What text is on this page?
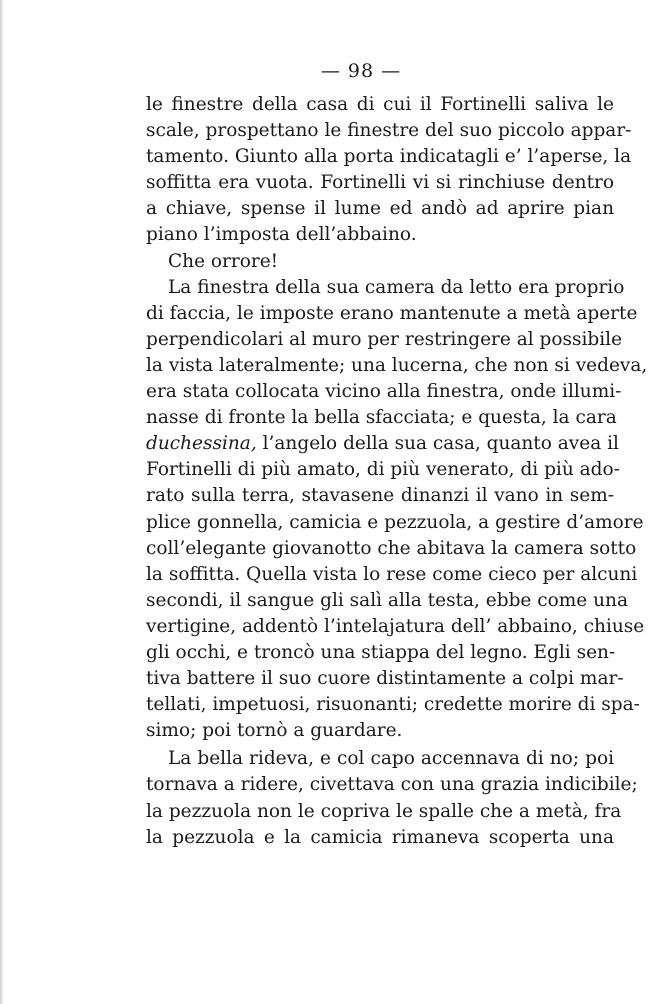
— 98 —
le finestre della casa di cui il Fortinelli saliva le
scale, prospettano le finestre del suo piccolo appar-
tamento. Giunto alla porta indicatagli e’ l’aperse, la
soffitta era vuota. Fortinelli vi si rinchiuse dentro
a chiave, spense il lume ed andò ad aprire pian
piano l’imposta dell’abbaino.
Che orrore!
La finestra della sua camera da letto era proprio
di faccia, le imposte erano mantenute a metà aperte
perpendicolari al muro per restringere al possibile
la vista lateralmente; una lucerna, che non si vedeva,
era stata collocata vicino alla finestra, onde illumi-
nasse di fronte la bella sfacciata; e questa, la cara
duchessina, l’angelo della sua casa, quanto avea il
Fortinelli di più amato, di più venerato, di più ado-
rato sulla terra, stavasene dinanzi il vano in sem-
plice gonnella, camicia e pezzuola, a gestire d’amore
coll’elegante giovanotto che abitava la camera sotto
la soffitta. Quella vista lo rese come cieco per alcuni
secondi, il sangue gli salì alla testa, ebbe come una
vertigine, addentò l’intelajatura dell’ abbaino, chiuse
gli occhi, e troncò una stiappa del legno. Egli sen-
tiva battere il suo cuore distintamente a colpi mar-
tellati, impetuosi, risuonanti; credette morire di spa-
simo; poi tornò a guardare.
La bella rideva, e col capo accennava di no; poi
tornava a ridere, civettava con una grazia indicibile;
la pezzuola non le copriva le spalle che a metà, fra
la pezzuola e la camicia rimaneva scoperta una
